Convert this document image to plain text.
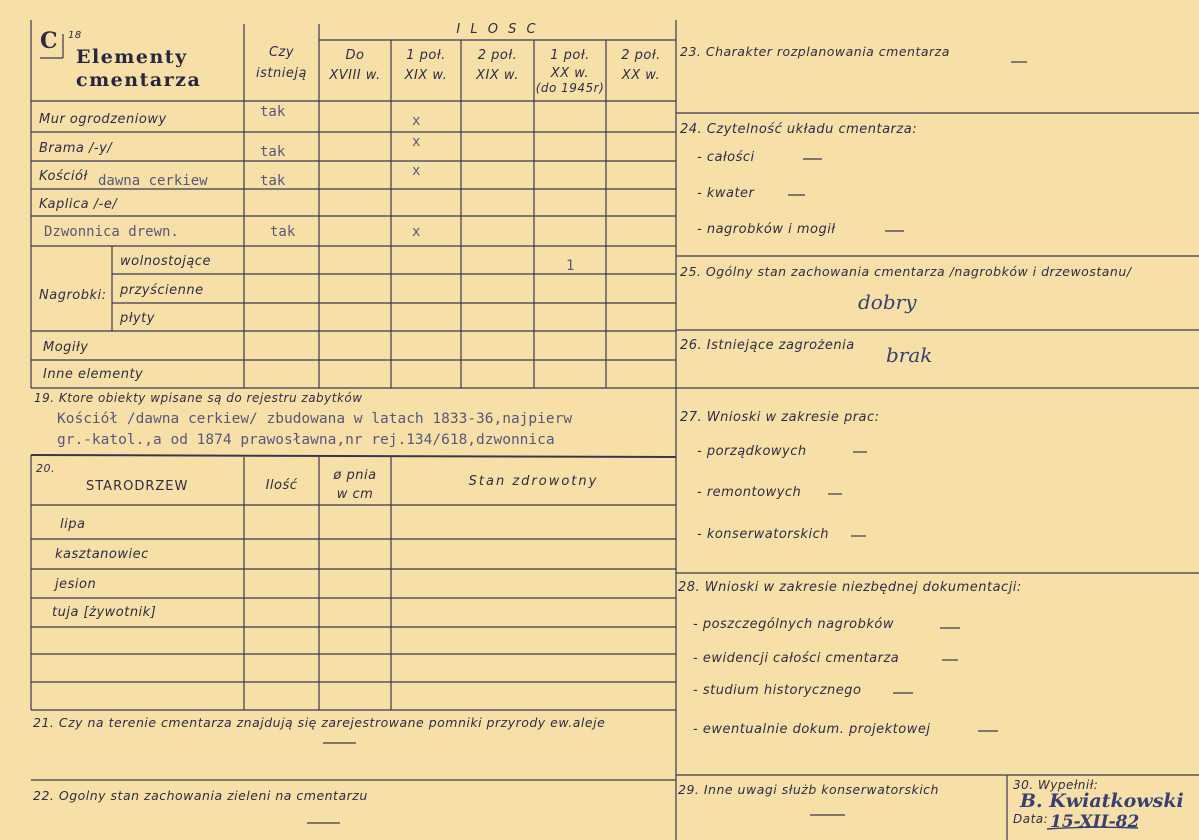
C 18
Elementy
cmentarza
Czy
istnieją
I L O S C
Do
XVIII w.
1 poł.
XIX w.
2 poł.
XIX w.
1 poł.
XX w.
(do 1945r)
2 poł.
XX w.
Mur ogrodzeniowy
Brama /-y/
Kościół dawna cerkiew
Kaplica /-e/
Dzwonnica drewn.
Nagrobki:
wolnostojące
przyścienne
płyty
Mogiły
Inne elementy
tak
tak
tak
tak
x
x
x
x
1
19. Ktore obiekty wpisane są do rejestru zabytków
Kościół /dawna cerkiew/ zbudowana w latach 1833-36,najpierw
gr.-katol.,a od 1874 prawosławna,nr rej.134/618,dzwonnica
20.
STARODRZEW	Ilość
ø pnia
w cm
Stan zdrowotny
lipa
kasztanowiec
jesion
tuja [żywotnik]
21. Czy na terenie cmentarza znajdują się zarejestrowane pomniki przyrody ew.aleje
22. Ogolny stan zachowania zieleni na cmentarzu
23. Charakter rozplanowania cmentarza
24. Czytelność układu cmentarza:
- całości
- kwater
- nagrobków i mogił
25. Ogólny stan zachowania cmentarza /nagrobków i drzewostanu/
dobry
26. Istniejące zagrożenia brak
27. Wnioski w zakresie prac:
- porządkowych
- remontowych
- konserwatorskich
28. Wnioski w zakresie niezbędnej dokumentacji:
- poszczególnych nagrobków
- ewidencji całości cmentarza
- studium historycznego
- ewentualnie dokum. projektowej
29. Inne uwagi służb konserwatorskich	30. Wypełnił:
B. Kwiatkowski
Data: 15-XII-82
